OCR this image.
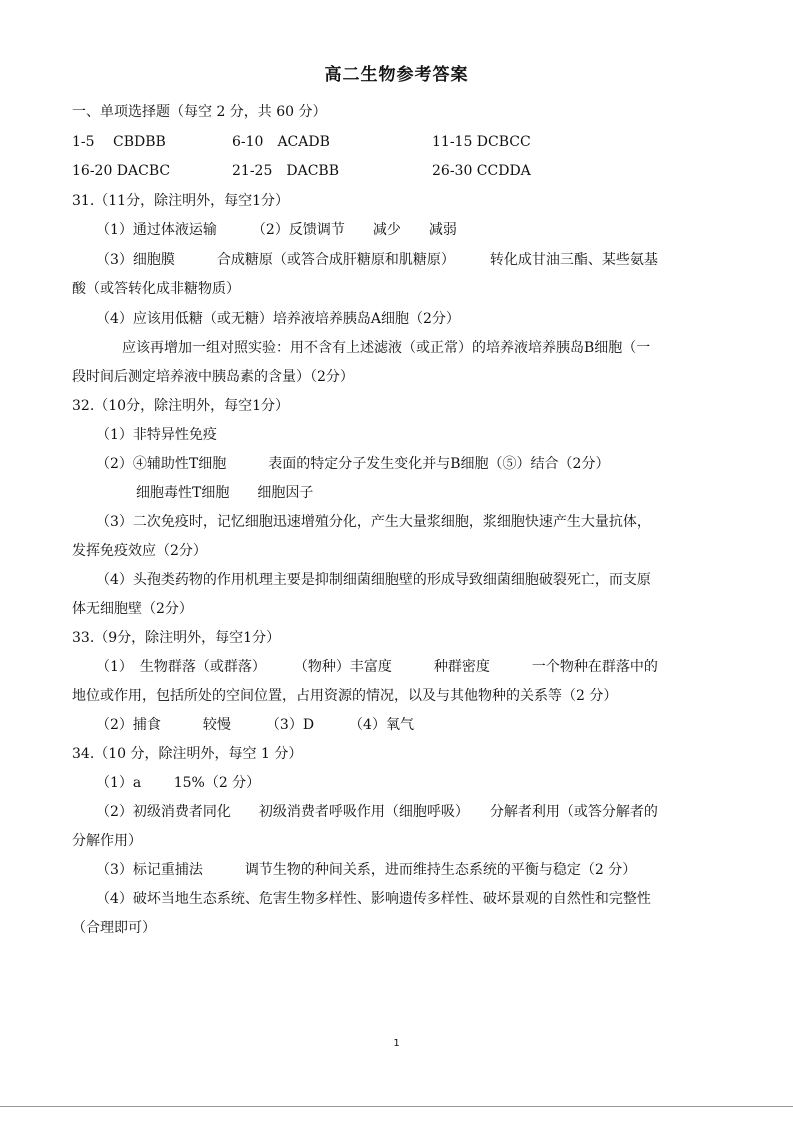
高二生物参考答案
一、单项选择题（每空 2 分，共 60 分）
1-5　 CBDBB	6-10　ACADB	11-15 DCBCC
16-20 DACBC	21-25　DACBB	26-30 CCDDA
31.（11分，除注明外，每空1分）
（1）通过体液运输　　　（2）反馈调节　　减少　　减弱
（3）细胞膜　　　合成糖原（或答合成肝糖原和肌糖原）　　　转化成甘油三酯、某些氨基
酸（或答转化成非糖物质）
（4）应该用低糖（或无糖）培养液培养胰岛A细胞（2分）
应该再增加一组对照实验：用不含有上述滤液（或正常）的培养液培养胰岛B细胞（一
段时间后测定培养液中胰岛素的含量）（2分）
32.（10分，除注明外，每空1分）
（1）非特异性免疫
（2）④辅助性T细胞　　　表面的特定分子发生变化并与B细胞（⑤）结合（2分）
细胞毒性T细胞　　细胞因子
（3）二次免疫时，记忆细胞迅速增殖分化，产生大量浆细胞，浆细胞快速产生大量抗体，
发挥免疫效应（2分）
（4）头孢类药物的作用机理主要是抑制细菌细胞壁的形成导致细菌细胞破裂死亡，而支原
体无细胞壁（2分）
33.（9分，除注明外，每空1分）
（1）　生物群落（或群落）　　　（物种）丰富度　　　种群密度　　　一个物种在群落中的
地位或作用，包括所处的空间位置，占用资源的情况，以及与其他物种的关系等（2 分）
（2）捕食　　　较慢　　　（3）D　　　（4）氧气
34.（10 分，除注明外，每空 1 分）
（1）a　　 15%（2 分）
（2）初级消费者同化　　初级消费者呼吸作用（细胞呼吸）　　分解者利用（或答分解者的
分解作用）
（3）标记重捕法　　　调节生物的种间关系，进而维持生态系统的平衡与稳定（2 分）
（4）破坏当地生态系统、危害生物多样性、影响遗传多样性、破坏景观的自然性和完整性
（合理即可）
1
